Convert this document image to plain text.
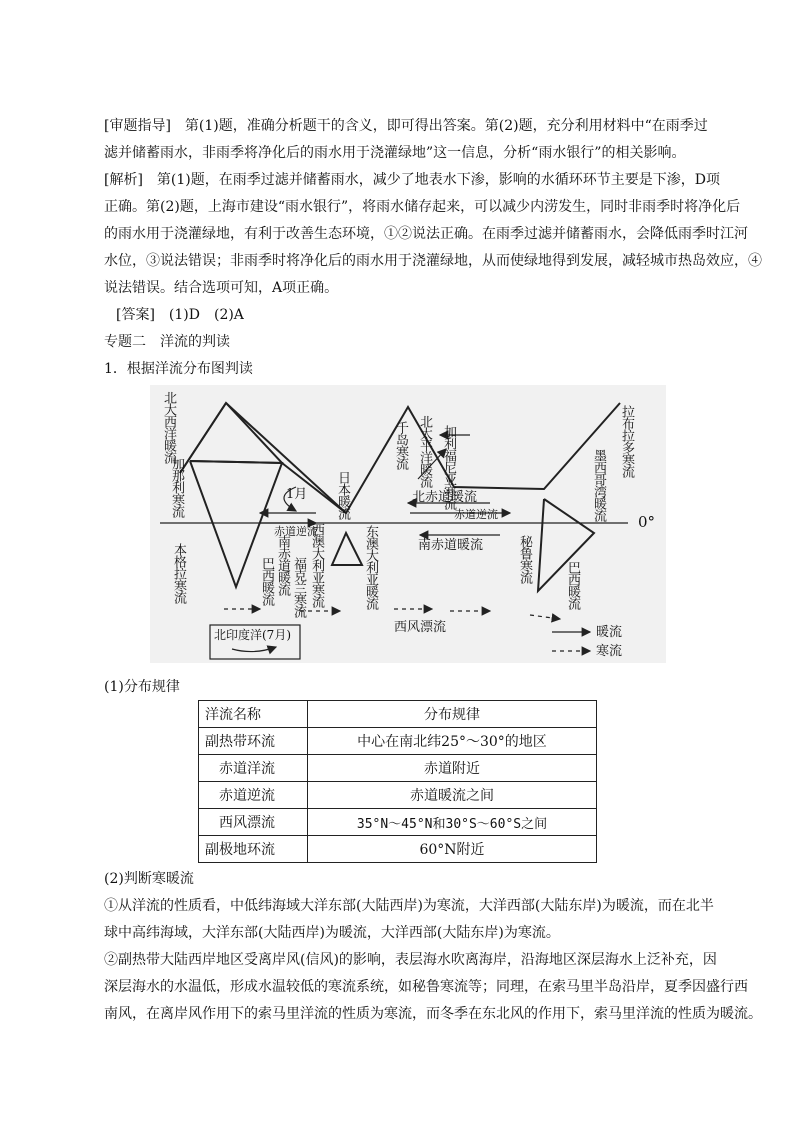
[审题指导]　第(1)题，准确分析题干的含义，即可得出答案。第(2)题，充分利用材料中“在雨季过

滤并储蓄雨水，非雨季将净化后的雨水用于浇灌绿地”这一信息，分析“雨水银行”的相关影响。

[解析]　第(1)题，在雨季过滤并储蓄雨水，减少了地表水下渗，影响的水循环环节主要是下渗，D项

正确。第(2)题，上海市建设“雨水银行”，将雨水储存起来，可以减少内涝发生，同时非雨季时将净化后

的雨水用于浇灌绿地，有利于改善生态环境，①②说法正确。在雨季过滤并储蓄雨水，会降低雨季时江河

水位，③说法错误；非雨季时将净化后的雨水用于浇灌绿地，从而使绿地得到发展，减轻城市热岛效应，④

说法错误。结合选项可知，A项正确。

[答案]　(1)D　(2)A

专题二　洋流的判读

1．根据洋流分布图判读

北大西洋暖流
加那利寒流
本格拉寒流
1月
赤道逆流
南赤道暖流
巴西暖流 福克兰寒流 西澳大利亚寒流	东澳大利亚暖流
日本暖流
千岛寒流 北太平洋暖流 加利福尼亚寒流	拉布拉多寒流
墨西哥湾暖流
北赤道暖流
赤道逆流
南赤道暖流	秘鲁寒流
巴西暖流
0°
西风漂流
北印度洋(7月)	暖流
寒流

(1)分布规律

洋流名称	分布规律
副热带环流	中心在南北纬25°～30°的地区
　赤道洋流	赤道附近
　赤道逆流	赤道暖流之间
　西风漂流	35°N～45°N和30°S～60°S之间
副极地环流	60°N附近

(2)判断寒暖流

①从洋流的性质看，中低纬海域大洋东部(大陆西岸)为寒流，大洋西部(大陆东岸)为暖流，而在北半

球中高纬海域，大洋东部(大陆西岸)为暖流，大洋西部(大陆东岸)为寒流。

②副热带大陆西岸地区受离岸风(信风)的影响，表层海水吹离海岸，沿海地区深层海水上泛补充，因

深层海水的水温低，形成水温较低的寒流系统，如秘鲁寒流等；同理，在索马里半岛沿岸，夏季因盛行西

南风，在离岸风作用下的索马里洋流的性质为寒流，而冬季在东北风的作用下，索马里洋流的性质为暖流。
